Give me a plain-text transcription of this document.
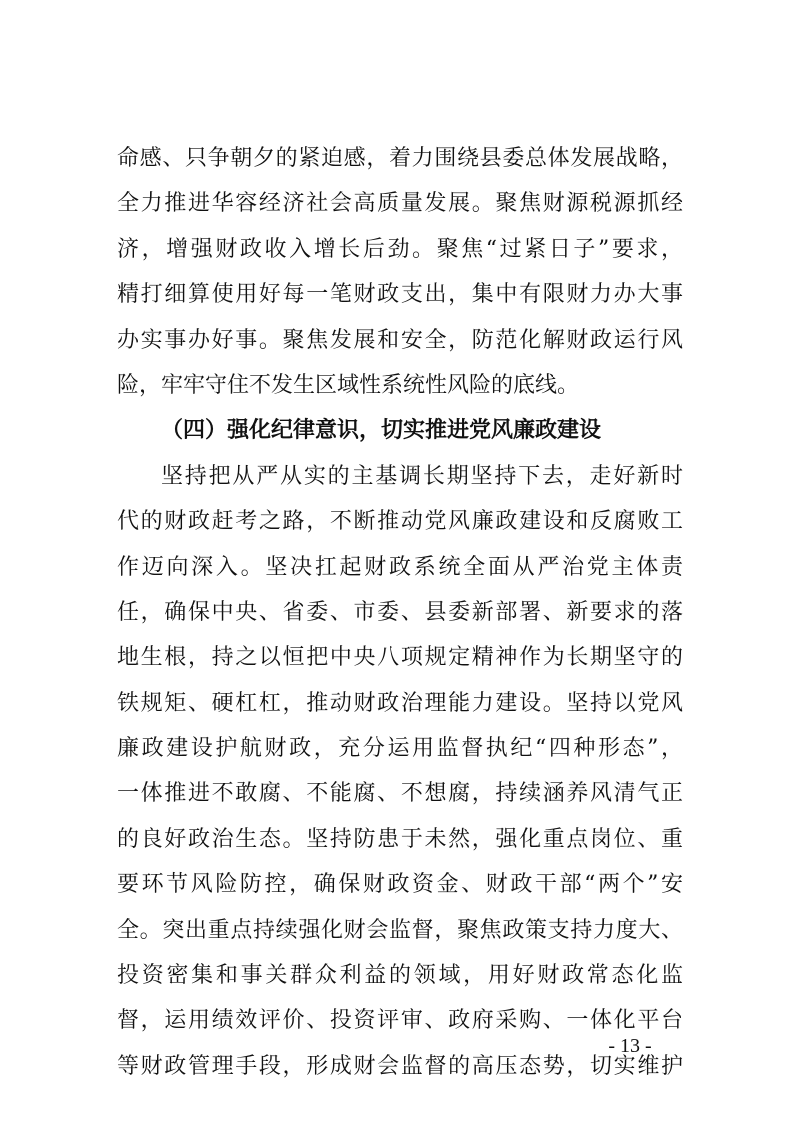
命感、只争朝夕的紧迫感，着力围绕县委总体发展战略，
全力推进华容经济社会高质量发展。聚焦财源税源抓经
济，增强财政收入增长后劲。聚焦“过紧日子”要求，
精打细算使用好每一笔财政支出，集中有限财力办大事
办实事办好事。聚焦发展和安全，防范化解财政运行风
险，牢牢守住不发生区域性系统性风险的底线。
（四）强化纪律意识，切实推进党风廉政建设
坚持把从严从实的主基调长期坚持下去，走好新时
代的财政赶考之路，不断推动党风廉政建设和反腐败工
作迈向深入。坚决扛起财政系统全面从严治党主体责
任，确保中央、省委、市委、县委新部署、新要求的落
地生根，持之以恒把中央八项规定精神作为长期坚守的
铁规矩、硬杠杠，推动财政治理能力建设。坚持以党风
廉政建设护航财政，充分运用监督执纪“四种形态”，
一体推进不敢腐、不能腐、不想腐，持续涵养风清气正
的良好政治生态。坚持防患于未然，强化重点岗位、重
要环节风险防控，确保财政资金、财政干部“两个”安
全。突出重点持续强化财会监督，聚焦政策支持力度大、
投资密集和事关群众利益的领域，用好财政常态化监
督，运用绩效评价、投资评审、政府采购、一体化平台
等财政管理手段，形成财会监督的高压态势，切实维护
- 13 -
